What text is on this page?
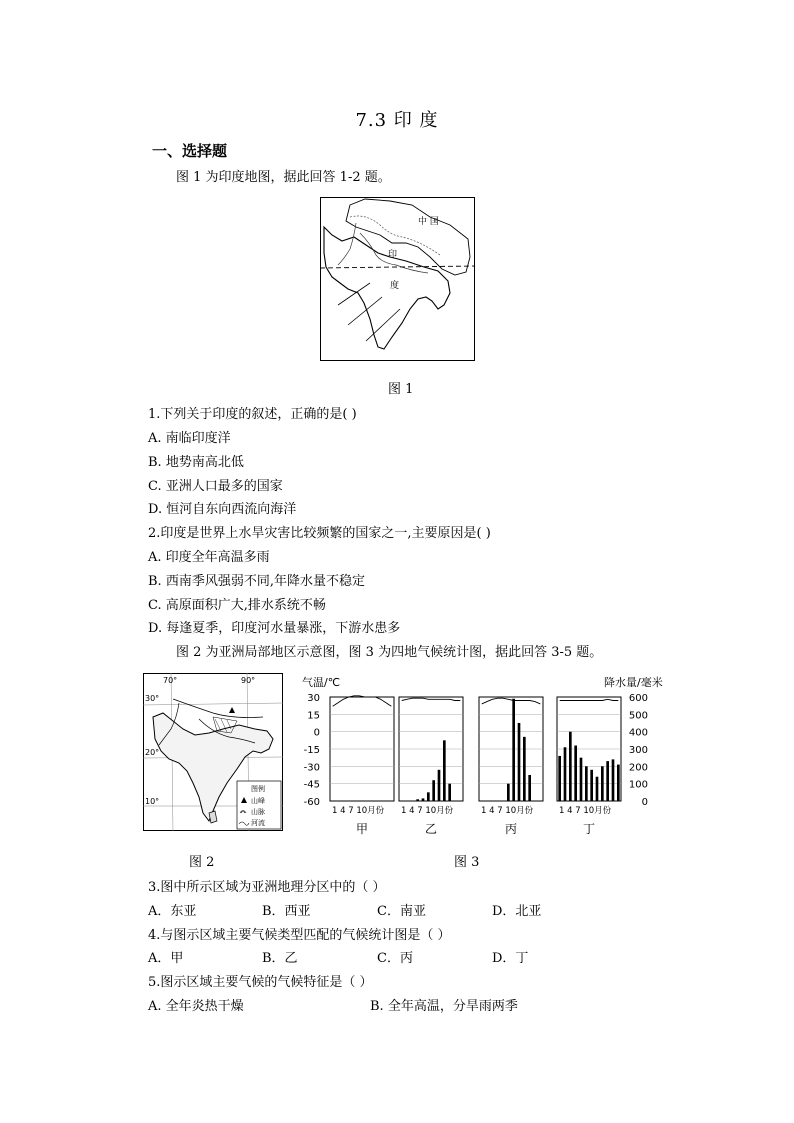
7.3 印 度
一、选择题
图 1 为印度地图，据此回答 1-2 题。
中 国
印
度
图 1
1.下列关于印度的叙述，正确的是( )
A. 南临印度洋
B. 地势南高北低
C. 亚洲人口最多的国家
D. 恒河自东向西流向海洋
2.印度是世界上水旱灾害比较频繁的国家之一,主要原因是( )
A. 印度全年高温多雨
B. 西南季风强弱不同,年降水量不稳定
C. 高原面积广大,排水系统不畅
D. 每逢夏季，印度河水量暴涨，下游水患多
图 2 为亚洲局部地区示意图，图 3 为四地气候统计图，据此回答 3-5 题。
70°	90°
30°
20°
10°
图例
山峰
山脉
河流
图 2
气温/℃	降水量/毫米
30
15
0
-15
-30
-45
-60
600
500
400
300
200
100
0
1 4 7 10月份
甲
1 4 7 10月份
乙
1 4 7 10月份
丙
1 4 7 10月份
丁
图 3
3.图中所示区域为亚洲地理分区中的（ ）
A．东亚	B．西亚	C．南亚	D．北亚
4.与图示区域主要气候类型匹配的气候统计图是（ ）
A．甲	B．乙	C．丙	D．丁
5.图示区域主要气候的气候特征是（ ）
A. 全年炎热干燥	B. 全年高温，分旱雨两季
